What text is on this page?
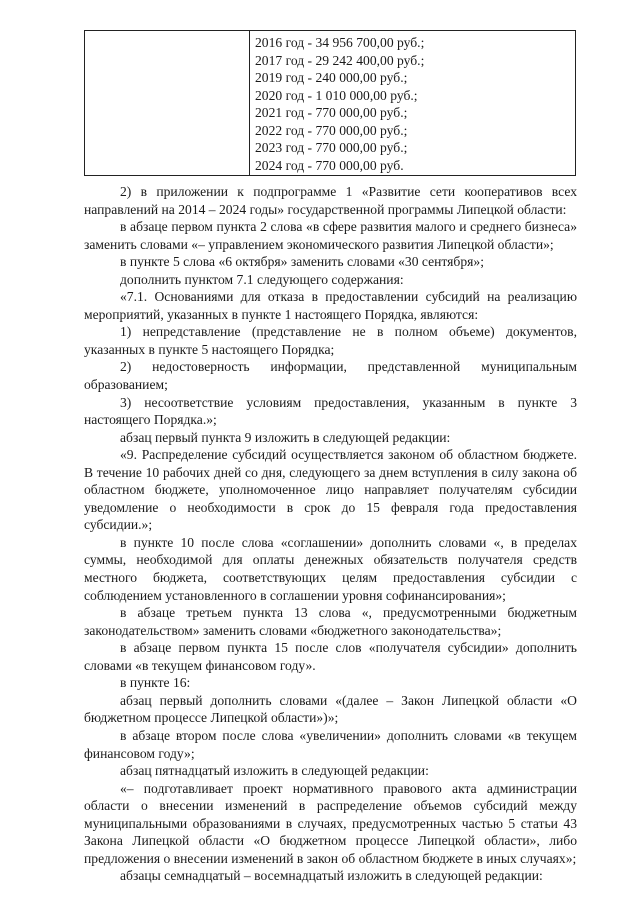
2016 год - 34 956 700,00 руб.;
2017 год - 29 242 400,00 руб.;
2019 год - 240 000,00 руб.;
2020 год - 1 010 000,00 руб.;
2021 год - 770 000,00 руб.;
2022 год - 770 000,00 руб.;
2023 год - 770 000,00 руб.;
2024 год - 770 000,00 руб.

2) в приложении к подпрограмме 1 «Развитие сети кооперативов всех направлений на 2014 – 2024 годы» государственной программы Липецкой области:

в абзаце первом пункта 2 слова «в сфере развития малого и среднего бизнеса» заменить словами «– управлением экономического развития Липецкой области»;

в пункте 5 слова «6 октября» заменить словами «30 сентября»;

дополнить пунктом 7.1 следующего содержания:

«7.1. Основаниями для отказа в предоставлении субсидий на реализацию мероприятий, указанных в пункте 1 настоящего Порядка, являются:

1) непредставление (представление не в полном объеме) документов, указанных в пункте 5 настоящего Порядка;

2) недостоверность информации, представленной муниципальным образованием;

3) несоответствие условиям предоставления, указанным в пункте 3 настоящего Порядка.»;

абзац первый пункта 9 изложить в следующей редакции:

«9. Распределение субсидий осуществляется законом об областном бюджете. В течение 10 рабочих дней со дня, следующего за днем вступления в силу закона об областном бюджете, уполномоченное лицо направляет получателям субсидии уведомление о необходимости в срок до 15 февраля года предоставления субсидии.»;

в пункте 10 после слова «соглашении» дополнить словами «, в пределах суммы, необходимой для оплаты денежных обязательств получателя средств местного бюджета, соответствующих целям предоставления субсидии с соблюдением установленного в соглашении уровня софинансирования»;

в абзаце третьем пункта 13 слова «, предусмотренными бюджетным законодательством» заменить словами «бюджетного законодательства»;

в абзаце первом пункта 15 после слов «получателя субсидии» дополнить словами «в текущем финансовом году».

в пункте 16:

абзац первый дополнить словами «(далее – Закон Липецкой области «О бюджетном процессе Липецкой области»)»;

в абзаце втором после слова «увеличении» дополнить словами «в текущем финансовом году»;

абзац пятнадцатый изложить в следующей редакции:

«– подготавливает проект нормативного правового акта администрации области о внесении изменений в распределение объемов субсидий между муниципальными образованиями в случаях, предусмотренных частью 5 статьи 43 Закона Липецкой области «О бюджетном процессе Липецкой области», либо предложения о внесении изменений в закон об областном бюджете в иных случаях»;

абзацы семнадцатый – восемнадцатый изложить в следующей редакции:
